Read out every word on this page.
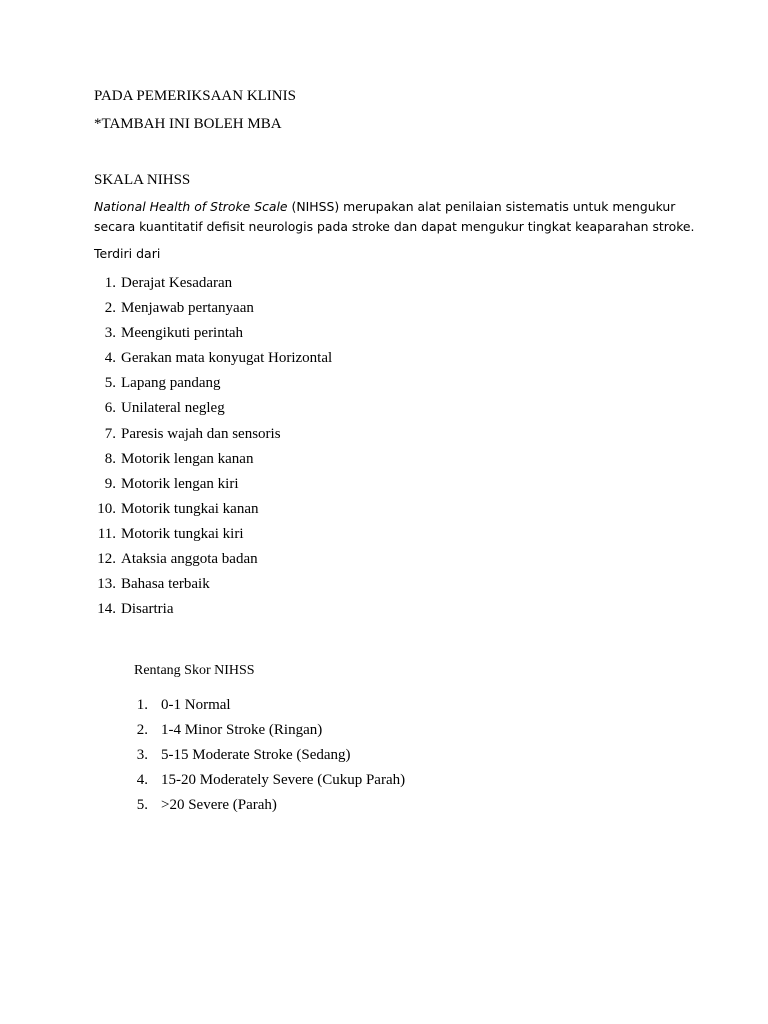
PADA PEMERIKSAAN KLINIS
*TAMBAH INI BOLEH MBA
SKALA NIHSS
National Health of Stroke Scale (NIHSS) merupakan alat penilaian sistematis untuk mengukur
secara kuantitatif defisit neurologis pada stroke dan dapat mengukur tingkat keaparahan stroke.
Terdiri dari
1. Derajat Kesadaran
2. Menjawab pertanyaan
3. Meengikuti perintah
4. Gerakan mata konyugat Horizontal
5. Lapang pandang
6. Unilateral negleg
7. Paresis wajah dan sensoris
8. Motorik lengan kanan
9. Motorik lengan kiri
10. Motorik tungkai kanan
11. Motorik tungkai kiri
12. Ataksia anggota badan
13. Bahasa terbaik
14. Disartria
Rentang Skor NIHSS
1. 0-1 Normal
2. 1-4 Minor Stroke (Ringan)
3. 5-15 Moderate Stroke (Sedang)
4. 15-20 Moderately Severe (Cukup Parah)
5. >20 Severe (Parah)
